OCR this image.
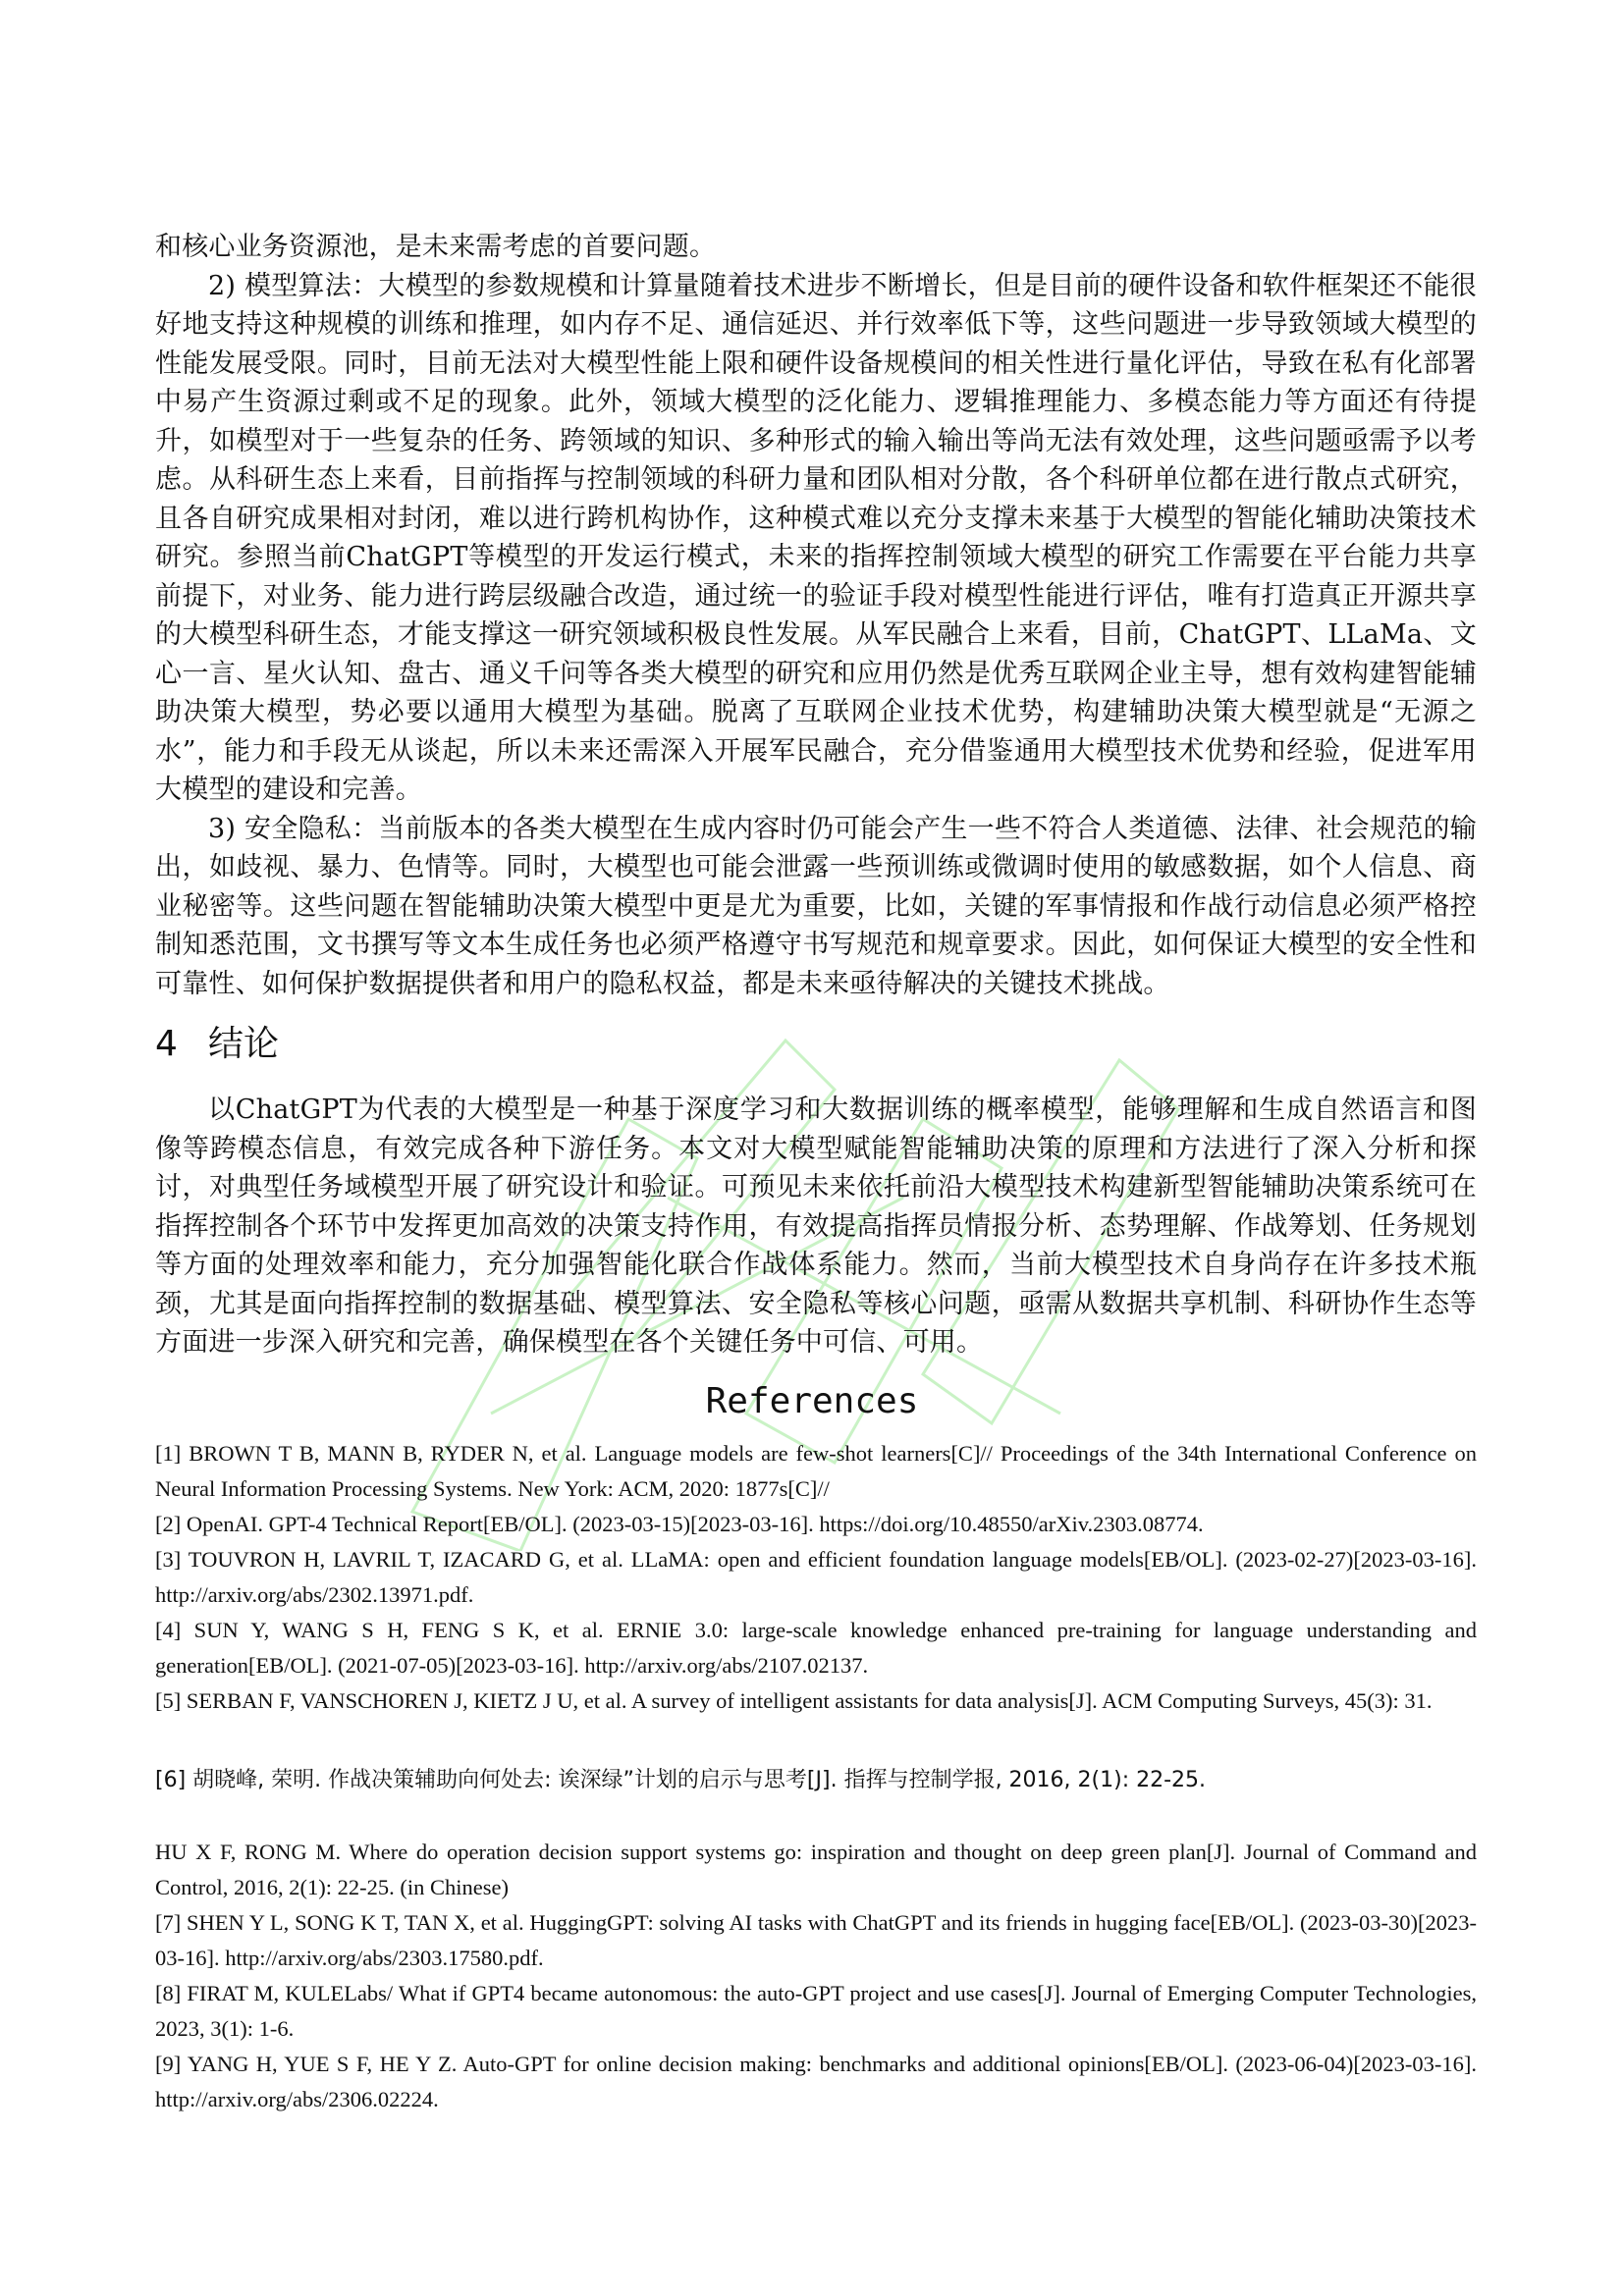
和核心业务资源池，是未来需考虑的首要问题。

2) 模型算法：大模型的参数规模和计算量随着技术进步不断增长，但是目前的硬件设备和软件框架还不能很好地支持这种规模的训练和推理，如内存不足、通信延迟、并行效率低下等，这些问题进一步导致领域大模型的性能发展受限。同时，目前无法对大模型性能上限和硬件设备规模间的相关性进行量化评估，导致在私有化部署中易产生资源过剩或不足的现象。此外，领域大模型的泛化能力、逻辑推理能力、多模态能力等方面还有待提升，如模型对于一些复杂的任务、跨领域的知识、多种形式的输入输出等尚无法有效处理，这些问题亟需予以考虑。从科研生态上来看，目前指挥与控制领域的科研力量和团队相对分散，各个科研单位都在进行散点式研究，且各自研究成果相对封闭，难以进行跨机构协作，这种模式难以充分支撑未来基于大模型的智能化辅助决策技术研究。参照当前ChatGPT等模型的开发运行模式，未来的指挥控制领域大模型的研究工作需要在平台能力共享前提下，对业务、能力进行跨层级融合改造，通过统一的验证手段对模型性能进行评估，唯有打造真正开源共享的大模型科研生态，才能支撑这一研究领域积极良性发展。从军民融合上来看，目前，ChatGPT、LLaMa、文心一言、星火认知、盘古、通义千问等各类大模型的研究和应用仍然是优秀互联网企业主导，想有效构建智能辅助决策大模型，势必要以通用大模型为基础。脱离了互联网企业技术优势，构建辅助决策大模型就是“无源之水”，能力和手段无从谈起，所以未来还需深入开展军民融合，充分借鉴通用大模型技术优势和经验，促进军用大模型的建设和完善。

3) 安全隐私：当前版本的各类大模型在生成内容时仍可能会产生一些不符合人类道德、法律、社会规范的输出，如歧视、暴力、色情等。同时，大模型也可能会泄露一些预训练或微调时使用的敏感数据，如个人信息、商业秘密等。这些问题在智能辅助决策大模型中更是尤为重要，比如，关键的军事情报和作战行动信息必须严格控制知悉范围，文书撰写等文本生成任务也必须严格遵守书写规范和规章要求。因此，如何保证大模型的安全性和可靠性、如何保护数据提供者和用户的隐私权益，都是未来亟待解决的关键技术挑战。

4 结论

以ChatGPT为代表的大模型是一种基于深度学习和大数据训练的概率模型，能够理解和生成自然语言和图像等跨模态信息，有效完成各种下游任务。本文对大模型赋能智能辅助决策的原理和方法进行了深入分析和探讨，对典型任务域模型开展了研究设计和验证。可预见未来依托前沿大模型技术构建新型智能辅助决策系统可在指挥控制各个环节中发挥更加高效的决策支持作用，有效提高指挥员情报分析、态势理解、作战筹划、任务规划等方面的处理效率和能力，充分加强智能化联合作战体系能力。然而，当前大模型技术自身尚存在许多技术瓶颈，尤其是面向指挥控制的数据基础、模型算法、安全隐私等核心问题，亟需从数据共享机制、科研协作生态等方面进一步深入研究和完善，确保模型在各个关键任务中可信、可用。

References

[1] BROWN T B, MANN B, RYDER N, et al. Language models are few-shot learners[C]// Proceedings of the 34th International Conference on Neural Information Processing Systems. New York: ACM, 2020: 1877s[C]//

[2] OpenAI. GPT-4 Technical Report[EB/OL]. (2023-03-15)[2023-03-16]. https://doi.org/10.48550/arXiv.2303.08774.

[3] TOUVRON H, LAVRIL T, IZACARD G, et al. LLaMA: open and efficient foundation language models[EB/OL]. (2023-02-27)[2023-03-16]. http://arxiv.org/abs/2302.13971.pdf.

[4] SUN Y, WANG S H, FENG S K, et al. ERNIE 3.0: large-scale knowledge enhanced pre-training for language understanding and generation[EB/OL]. (2021-07-05)[2023-03-16]. http://arxiv.org/abs/2107.02137.

[5] SERBAN F, VANSCHOREN J, KIETZ J U, et al. A survey of intelligent assistants for data analysis[J]. ACM Computing Surveys, 45(3): 31.

[6] 胡晓峰, 荣明. 作战决策辅助向何处去: 诶深绿”计划的启示与思考[J]. 指挥与控制学报, 2016, 2(1): 22-25.

HU X F, RONG M. Where do operation decision support systems go: inspiration and thought on deep green plan[J]. Journal of Command and Control, 2016, 2(1): 22-25. (in Chinese)

[7] SHEN Y L, SONG K T, TAN X, et al. HuggingGPT: solving AI tasks with ChatGPT and its friends in hugging face[EB/OL]. (2023-03-30)[2023-03-16]. http://arxiv.org/abs/2303.17580.pdf.

[8] FIRAT M, KULELabs/ What if GPT4 became autonomous: the auto-GPT project and use cases[J]. Journal of Emerging Computer Technologies, 2023, 3(1): 1-6.

[9] YANG H, YUE S F, HE Y Z. Auto-GPT for online decision making: benchmarks and additional opinions[EB/OL]. (2023-06-04)[2023-03-16]. http://arxiv.org/abs/2306.02224.
